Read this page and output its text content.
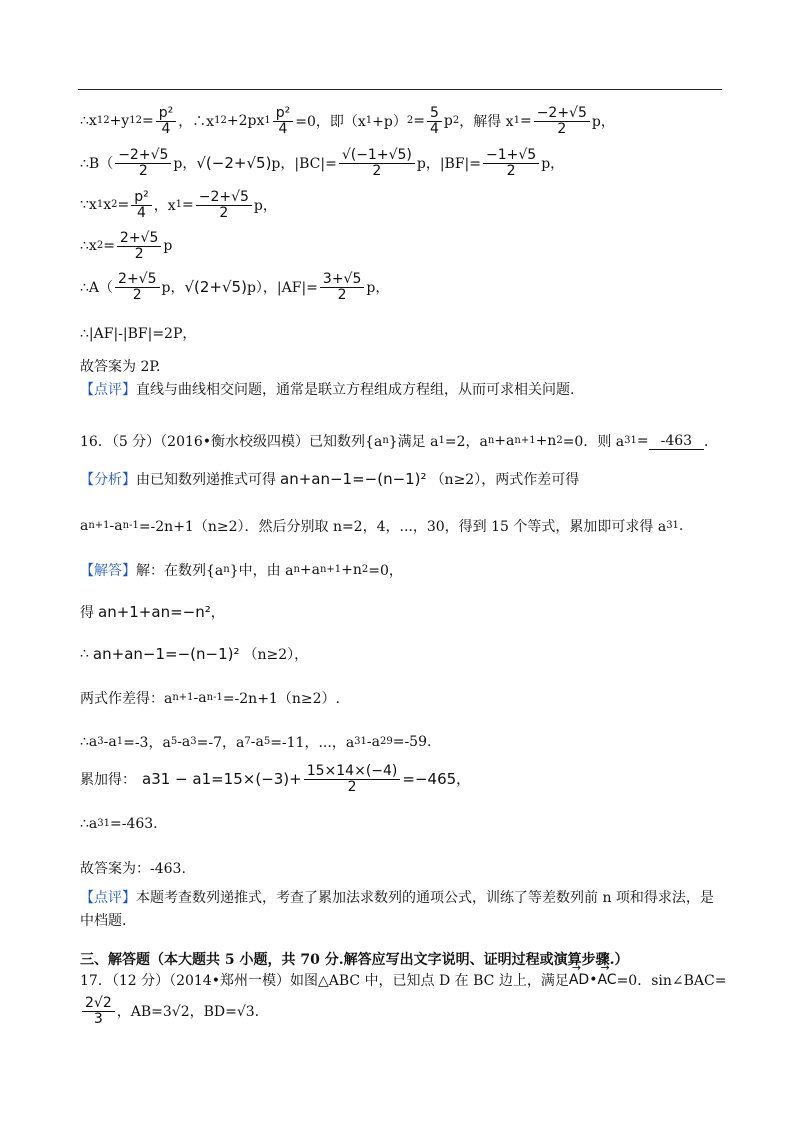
∴x 1 2 +y 1 $2 = \frac{\text{p²}}{4}$ ，∴x 1 2 +2px $1 \frac{\text{p²}}{4} =0$，即（x 1 +p） $2 = \frac{5}{4}$ p 2 ，解得 x $1 = \frac{-2+√5}{2}$ p，
∴B（ $\frac{-2+√5}{2}$ p， √(−2+√5) p，$|BC|= \frac{√(-1+√5)}{2}$ p，$|BF|= \frac{-1+√5}{2}$ p，
∵x 1 x $2 = \frac{\text{p²}}{4}$ ，x $1 = \frac{-2+√5}{2}$ p，
∴x $2 = \frac{2+√5}{2}$ p
∴A（ $\frac{2+√5}{2}$ p， √(2+√5) p），$|AF|= \frac{3+√5}{2}$ p，
∴|AF|-|BF|=2P，
故答案为 2P.
【点评】 直线与曲线相交问题，通常是联立方程组成方程组，从而可求相关问题.
16．（5 分）（2016•衡水校级四模）已知数列{a n }满足 a 1 =2，a n +a n+1 +n 2 =0．则 a 31 = -463 ．
【分析】 由已知数列递推式可得 an+an−1=−(n−1)² （n≥2），两式作差可得
a n+1 -a n-1 =-2n+1（n≥2）．然后分别取 n=2，4，...，30，得到 15 个等式，累加即可求得 a 31 .
【解答】 解：在数列{a n }中，由 a n +a n+1 +n 2 =0，
得 an+1+an=−n² ，
∴ an+an−1=−(n−1)² （n≥2），
两式作差得：a n+1 -a n-1 =-2n+1（n≥2）.
∴a 3 -a 1 =-3，a 5 -a 3 =-7，a 7 -a 5 =-11，...，a 31 -a 29 =-59.
累加得： $a31 - a1=15\times(-3)+ \frac{15\times 14\times(-4)}{2} =-465$ ，
∴a 31 =-463.
故答案为：-463.
【点评】 本题考查数列递推式，考查了累加法求数列的通项公式，训练了等差数列前 n 项和得求法，是
中档题.
三、解答题（本大题共 5 小题，共 70 分.解答应写出文字说明、证明过程或演算步骤.）
17．（12 分）（2014•郑州一模）如图△ABC 中，已知点 D 在 BC 边上，满足 → AD • → AC =0．sin∠BAC=
$\frac{2√2}{3}$ ，AB=3√2，BD=√3.
